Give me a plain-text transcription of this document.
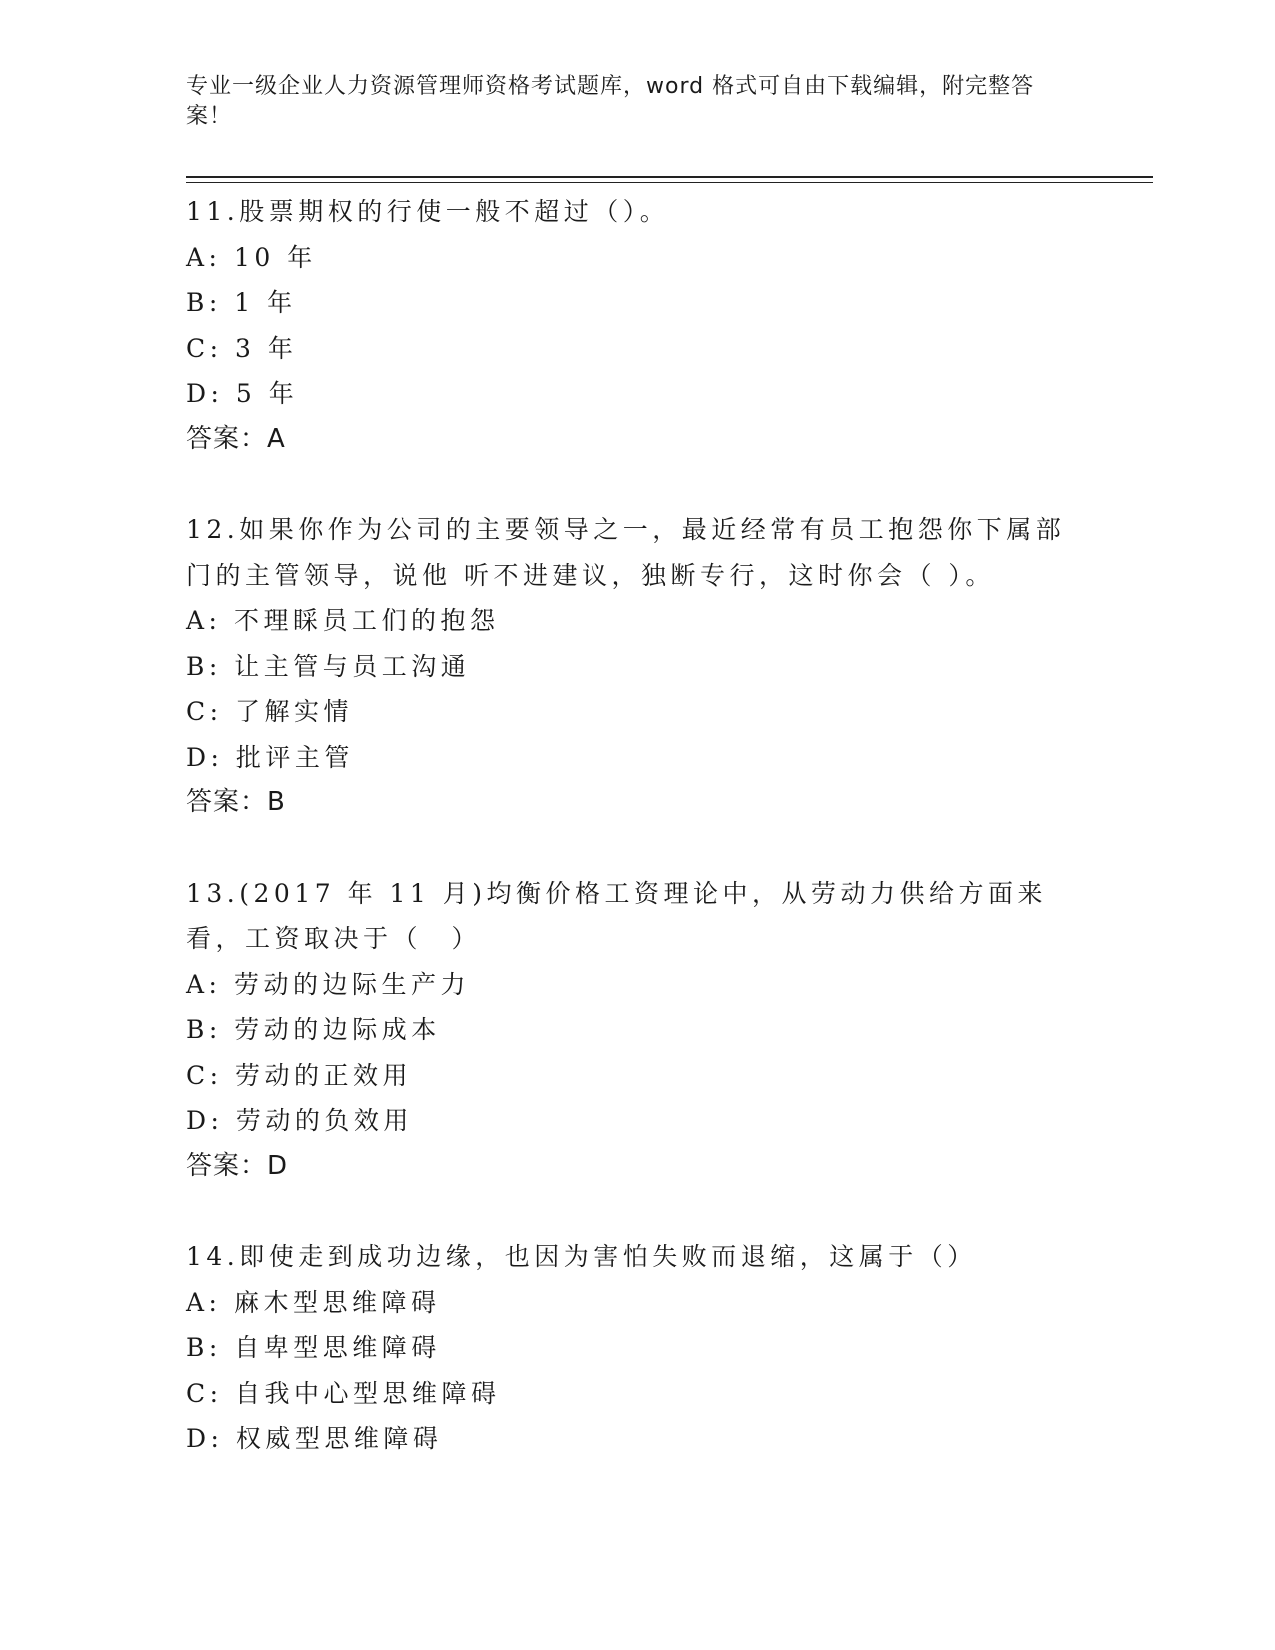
专业一级企业人力资源管理师资格考试题库，word 格式可自由下载编辑，附完整答案！
11.股票期权的行使一般不超过（）。
A: 10 年
B: 1 年
C: 3 年
D: 5 年
答案：A
12.如果你作为公司的主要领导之一，最近经常有员工抱怨你下属部门的主管领导，说他 听不进建议，独断专行，这时你会（ ）。
A: 不理睬员工们的抱怨
B: 让主管与员工沟通
C: 了解实情
D: 批评主管
答案：B
13.(2017 年 11 月)均衡价格工资理论中，从劳动力供给方面来看，工资取决于（　）
A: 劳动的边际生产力
B: 劳动的边际成本
C: 劳动的正效用
D: 劳动的负效用
答案：D
14.即使走到成功边缘，也因为害怕失败而退缩，这属于（）
A: 麻木型思维障碍
B: 自卑型思维障碍
C: 自我中心型思维障碍
D: 权威型思维障碍
